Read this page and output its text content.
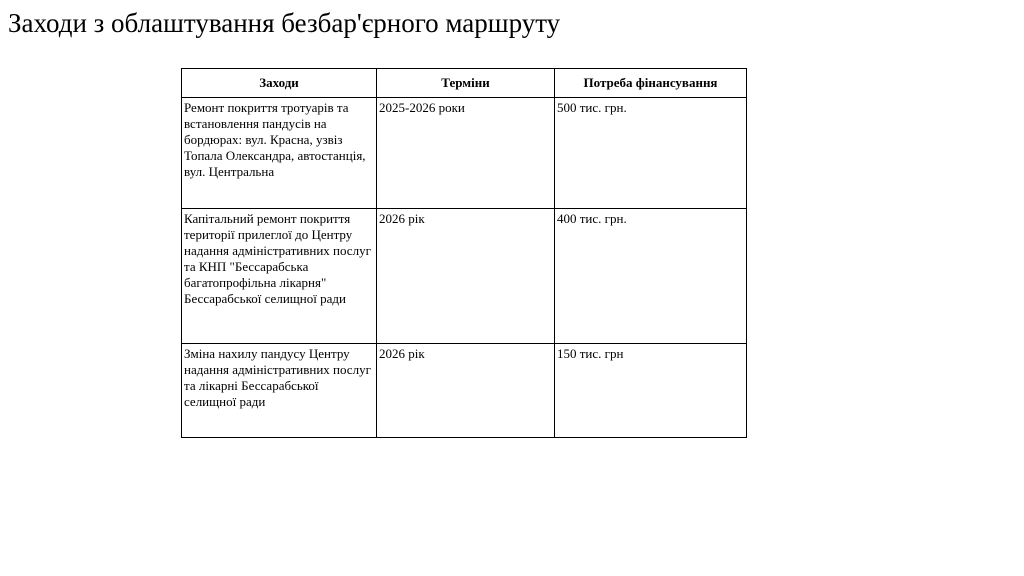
Заходи з облаштування безбар'єрного маршруту
Заходи	Терміни	Потреба фінансування
Ремонт покриття тротуарів та встановлення пандусів на бордюрах: вул. Красна, узвіз Топала Олександра, автостанція, вул. Центральна	2025-2026 роки	500 тис. грн.
Капітальний ремонт покриття території прилеглої до Центру надання адміністративних послуг та КНП "Бессарабська багатопрофільна лікарня" Бессарабської селищної ради	2026 рік	400 тис. грн.
Зміна нахилу пандусу Центру надання адміністративних послуг та лікарні Бессарабської селищної ради	2026 рік	150 тис. грн
